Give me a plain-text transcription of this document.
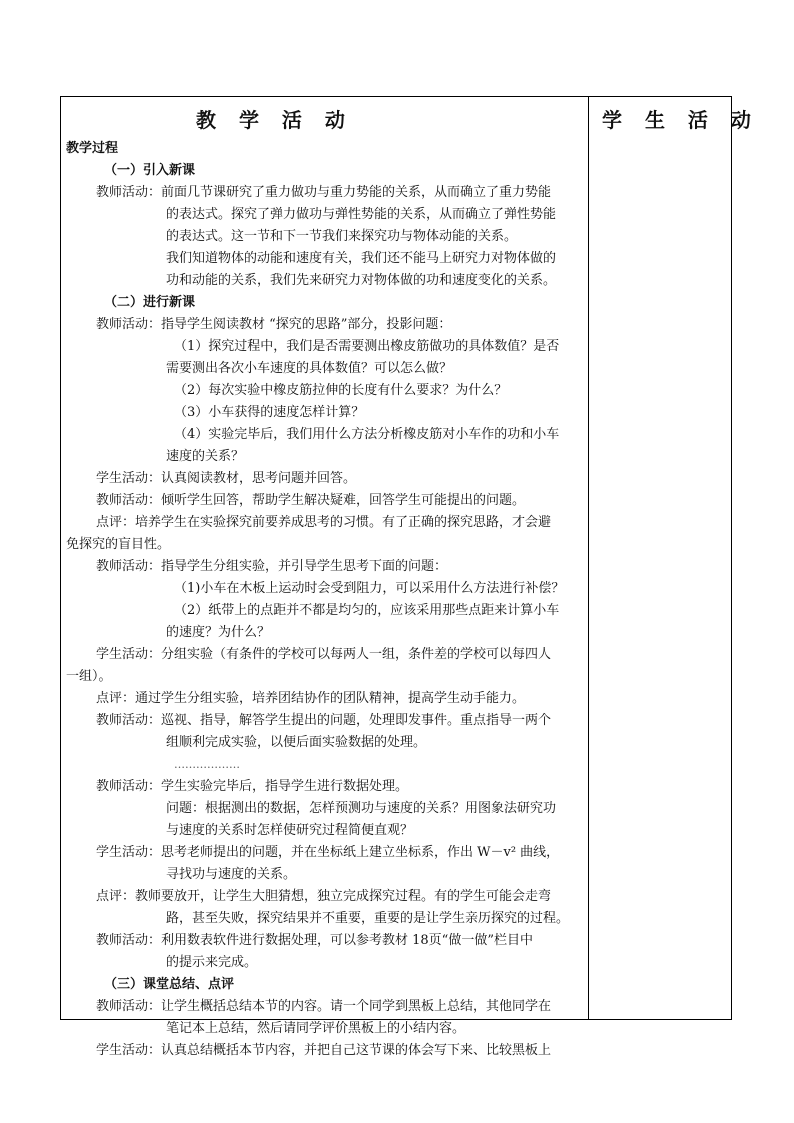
教 学 活 动	学 生 活 动
教学过程
（一）引入新课
教师活动：前面几节课研究了重力做功与重力势能的关系，从而确立了重力势能
的表达式。探究了弹力做功与弹性势能的关系，从而确立了弹性势能
的表达式。这一节和下一节我们来探究功与物体动能的关系。
我们知道物体的动能和速度有关，我们还不能马上研究力对物体做的
功和动能的关系，我们先来研究力对物体做的功和速度变化的关系。
（二）进行新课
教师活动：指导学生阅读教材 “探究的思路”部分，投影问题：
（1）探究过程中，我们是否需要测出橡皮筋做功的具体数值？是否
需要测出各次小车速度的具体数值？可以怎么做？
（2）每次实验中橡皮筋拉伸的长度有什么要求？为什么？
（3）小车获得的速度怎样计算？
（4）实验完毕后，我们用什么方法分析橡皮筋对小车作的功和小车
速度的关系？
学生活动：认真阅读教材，思考问题并回答。
教师活动：倾听学生回答，帮助学生解决疑难，回答学生可能提出的问题。
点评：培养学生在实验探究前要养成思考的习惯。有了正确的探究思路，才会避
免探究的盲目性。
教师活动：指导学生分组实验，并引导学生思考下面的问题：
（1)小车在木板上运动时会受到阻力，可以采用什么方法进行补偿？
（2）纸带上的点距并不都是均匀的，应该采用那些点距来计算小车
的速度？为什么？
学生活动：分组实验（有条件的学校可以每两人一组，条件差的学校可以每四人
一组）。
点评：通过学生分组实验，培养团结协作的团队精神，提高学生动手能力。
教师活动：巡视、指导，解答学生提出的问题，处理即发事件。重点指导一两个
组顺利完成实验，以便后面实验数据的处理。
………………
教师活动：学生实验完毕后，指导学生进行数据处理。
问题：根据测出的数据，怎样预测功与速度的关系？用图象法研究功
与速度的关系时怎样使研究过程简便直观？
学生活动：思考老师提出的问题，并在坐标纸上建立坐标系，作出 W－v² 曲线，
寻找功与速度的关系。
点评：教师要放开，让学生大胆猜想，独立完成探究过程。有的学生可能会走弯
路，甚至失败，探究结果并不重要，重要的是让学生亲历探究的过程。
教师活动：利用数表软件进行数据处理，可以参考教材 18页“做一做”栏目中
的提示来完成。
（三）课堂总结、点评
教师活动：让学生概括总结本节的内容。请一个同学到黑板上总结，其他同学在
笔记本上总结，然后请同学评价黑板上的小结内容。
学生活动：认真总结概括本节内容，并把自己这节课的体会写下来、比较黑板上
